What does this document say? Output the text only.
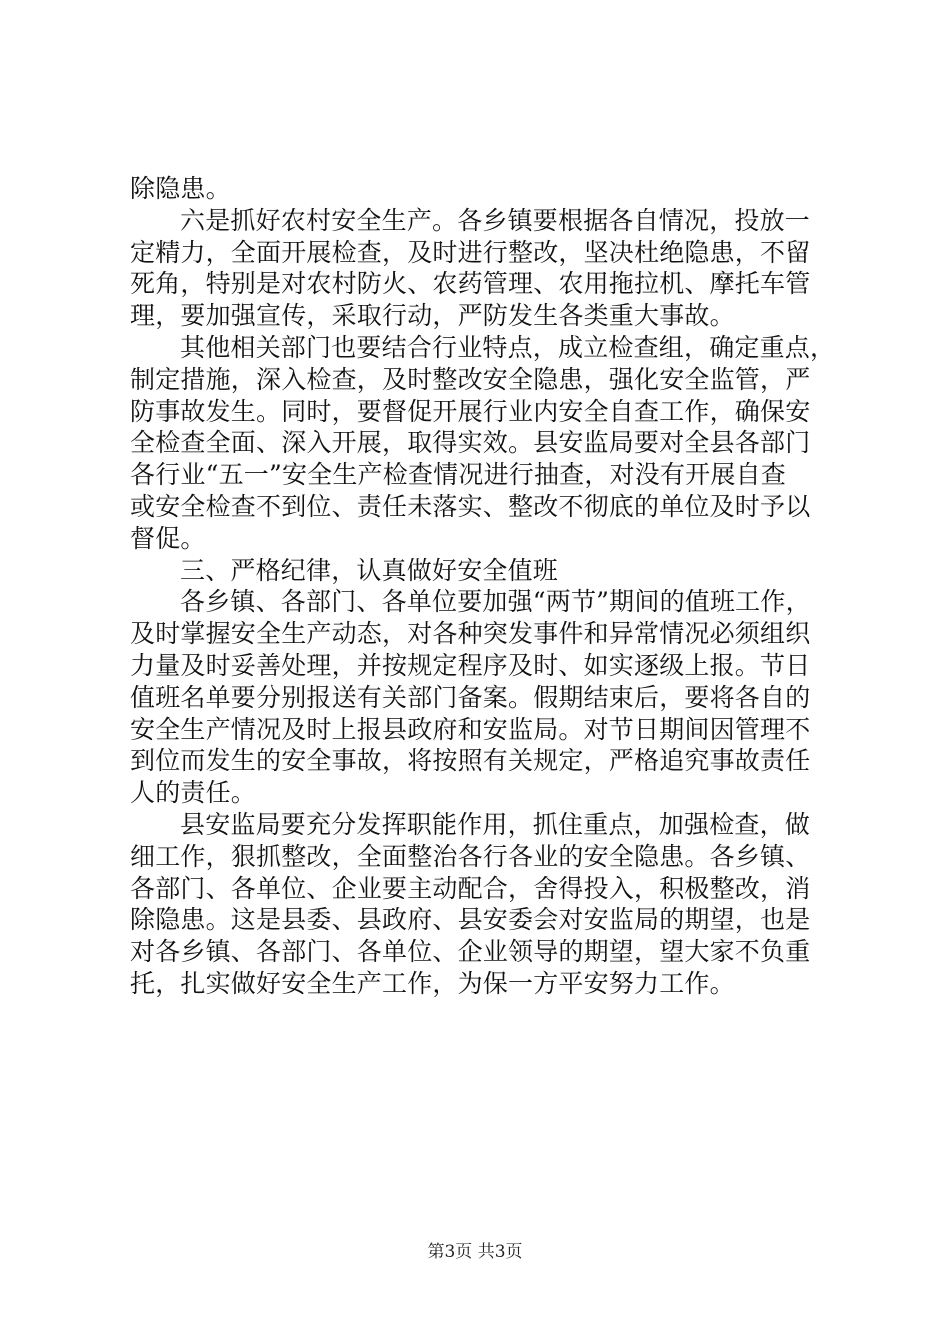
除隐患。
六是抓好农村安全生产。各乡镇要根据各自情况，投放一
定精力，全面开展检查，及时进行整改，坚决杜绝隐患，不留
死角，特别是对农村防火、农药管理、农用拖拉机、摩托车管
理，要加强宣传，采取行动，严防发生各类重大事故。
其他相关部门也要结合行业特点，成立检查组，确定重点，
制定措施，深入检查，及时整改安全隐患，强化安全监管，严
防事故发生。同时，要督促开展行业内安全自查工作，确保安
全检查全面、深入开展，取得实效。县安监局要对全县各部门
各行业“五一”安全生产检查情况进行抽查，对没有开展自查
或安全检查不到位、责任未落实、整改不彻底的单位及时予以
督促。
三、严格纪律，认真做好安全值班
各乡镇、各部门、各单位要加强“两节”期间的值班工作，
及时掌握安全生产动态，对各种突发事件和异常情况必须组织
力量及时妥善处理，并按规定程序及时、如实逐级上报。节日
值班名单要分别报送有关部门备案。假期结束后，要将各自的
安全生产情况及时上报县政府和安监局。对节日期间因管理不
到位而发生的安全事故，将按照有关规定，严格追究事故责任
人的责任。
县安监局要充分发挥职能作用，抓住重点，加强检查，做
细工作，狠抓整改，全面整治各行各业的安全隐患。各乡镇、
各部门、各单位、企业要主动配合，舍得投入，积极整改，消
除隐患。这是县委、县政府、县安委会对安监局的期望，也是
对各乡镇、各部门、各单位、企业领导的期望，望大家不负重
托，扎实做好安全生产工作，为保一方平安努力工作。
第3页 共3页
